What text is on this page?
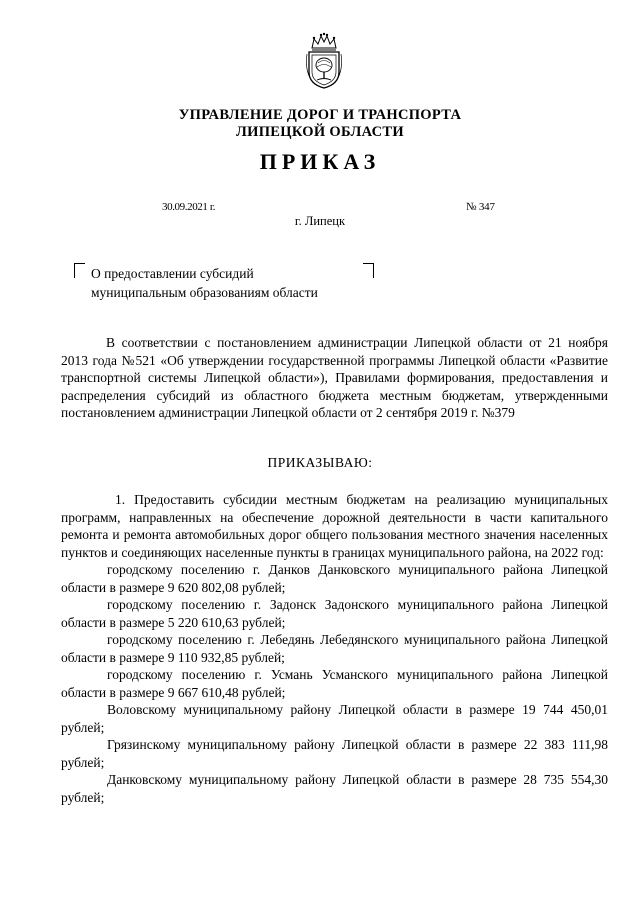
УПРАВЛЕНИЕ ДОРОГ И ТРАНСПОРТА
ЛИПЕЦКОЙ ОБЛАСТИ
ПРИКАЗ
30.09.2021 г.	№ 347
г. Липецк
О предоставлении субсидий
муниципальным образованиям области

В соответствии с постановлением администрации Липецкой области от 21 ноября 2013 года №521 «Об утверждении государственной программы Липецкой области «Развитие транспортной системы Липецкой области»), Правилами формирования, предоставления и распределения субсидий из областного бюджета местным бюджетам, утвержденными постановлением администрации Липецкой области от 2 сентября 2019 г. №379

ПРИКАЗЫВАЮ:

1. Предоставить субсидии местным бюджетам на реализацию муниципальных программ, направленных на обеспечение дорожной деятельности в части капитального ремонта и ремонта автомобильных дорог общего пользования местного значения населенных пунктов и соединяющих населенные пункты в границах муниципального района, на 2022 год:

городскому поселению г. Данков Данковского муниципального района Липецкой области в размере 9 620 802,08 рублей;

городскому поселению г. Задонск Задонского муниципального района Липецкой области в размере 5 220 610,63 рублей;

городскому поселению г. Лебедянь Лебедянского муниципального района Липецкой области в размере 9 110 932,85 рублей;

городскому поселению г. Усмань Усманского муниципального района Липецкой области в размере 9 667 610,48 рублей;

Воловскому муниципальному району Липецкой области в размере 19 744 450,01 рублей;

Грязинскому муниципальному району Липецкой области в размере 22 383 111,98 рублей;

Данковскому муниципальному району Липецкой области в размере 28 735 554,30 рублей;
